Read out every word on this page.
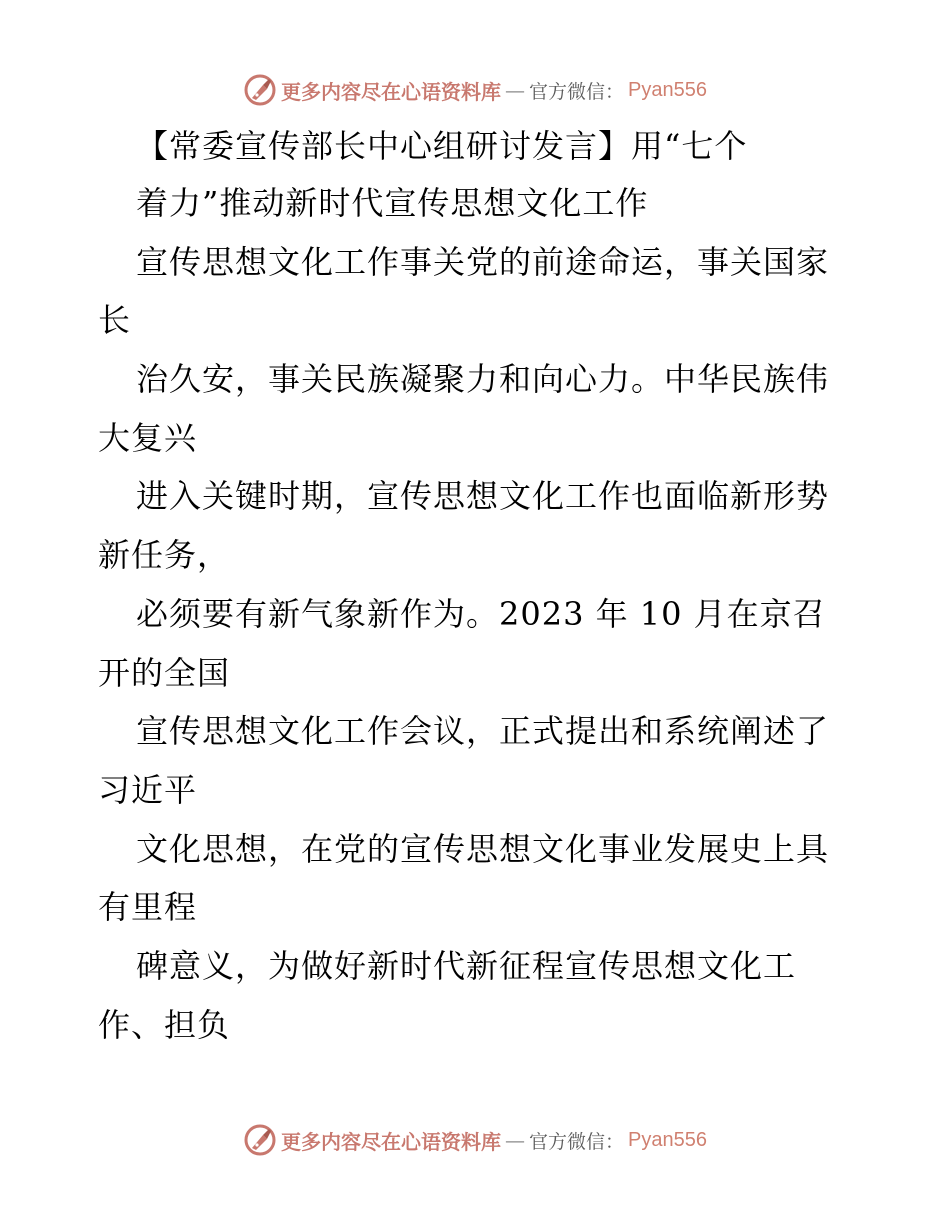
更多内容尽在心语资料库 — 官方微信： Pyan556
【常委宣传部长中心组研讨发言】用“七个
着力”推动新时代宣传思想文化工作
宣传思想文化工作事关党的前途命运，事关国家
长
治久安，事关民族凝聚力和向心力。中华民族伟
大复兴
进入关键时期，宣传思想文化工作也面临新形势
新任务，
必须要有新气象新作为。2023 年 10 月在京召
开的全国
宣传思想文化工作会议，正式提出和系统阐述了
习近平
文化思想，在党的宣传思想文化事业发展史上具
有里程
碑意义，为做好新时代新征程宣传思想文化工
作、担负
更多内容尽在心语资料库 — 官方微信： Pyan556
